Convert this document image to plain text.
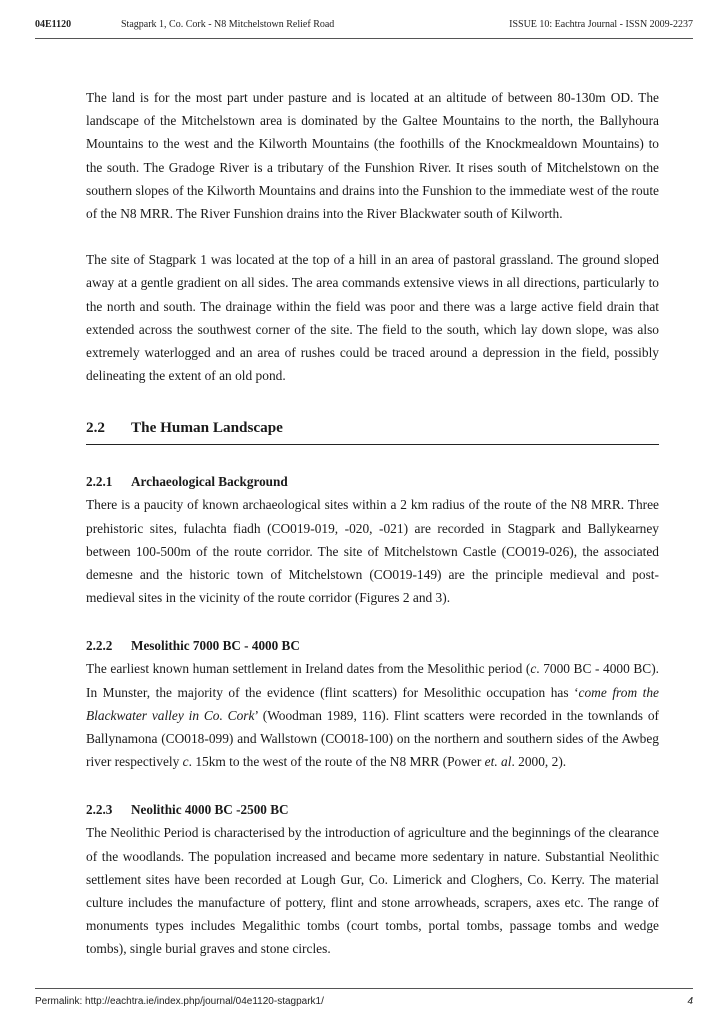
04E1120	Stagpark 1, Co. Cork - N8 Mitchelstown Relief Road	ISSUE 10: Eachtra Journal - ISSN 2009-2237

The land is for the most part under pasture and is located at an altitude of between 80-130m OD. The landscape of the Mitchelstown area is dominated by the Galtee Mountains to the north, the Ballyhoura Mountains to the west and the Kilworth Mountains (the foothills of the Knockmealdown Mountains) to the south. The Gradoge River is a tributary of the Funshion River. It rises south of Mitchelstown on the southern slopes of the Kilworth Mountains and drains into the Funshion to the immediate west of the route of the N8 MRR. The River Funshion drains into the River Blackwater south of Kilworth.

The site of Stagpark 1 was located at the top of a hill in an area of pastoral grassland. The ground sloped away at a gentle gradient on all sides. The area commands extensive views in all directions, particularly to the north and south. The drainage within the field was poor and there was a large active field drain that extended across the southwest corner of the site. The field to the south, which lay down slope, was also extremely waterlogged and an area of rushes could be traced around a depression in the field, possibly delineating the extent of an old pond.

2.2 The Human Landscape
2.2.1 Archaeological Background

There is a paucity of known archaeological sites within a 2 km radius of the route of the N8 MRR. Three prehistoric sites, fulachta fiadh (CO019-019, -020, -021) are recorded in Stagpark and Ballykearney between 100-500m of the route corridor. The site of Mitchelstown Castle (CO019-026), the associated demesne and the historic town of Mitchelstown (CO019-149) are the principle medieval and post-medieval sites in the vicinity of the route corridor (Figures 2 and 3).

2.2.2 Mesolithic 7000 BC - 4000 BC

The earliest known human settlement in Ireland dates from the Mesolithic period (c. 7000 BC - 4000 BC). In Munster, the majority of the evidence (flint scatters) for Mesolithic occupation has ‘come from the Blackwater valley in Co. Cork’ (Woodman 1989, 116). Flint scatters were recorded in the townlands of Ballynamona (CO018-099) and Wallstown (CO018-100) on the northern and southern sides of the Awbeg river respectively c. 15km to the west of the route of the N8 MRR (Power et. al. 2000, 2).

2.2.3 Neolithic 4000 BC -2500 BC

The Neolithic Period is characterised by the introduction of agriculture and the beginnings of the clearance of the woodlands. The population increased and became more sedentary in nature. Substantial Neolithic settlement sites have been recorded at Lough Gur, Co. Limerick and Cloghers, Co. Kerry. The material culture includes the manufacture of pottery, flint and stone arrowheads, scrapers, axes etc. The range of monuments types includes Megalithic tombs (court tombs, portal tombs, passage tombs and wedge tombs), single burial graves and stone circles.

Permalink: http://eachtra.ie/index.php/journal/04e1120-stagpark1/	4
